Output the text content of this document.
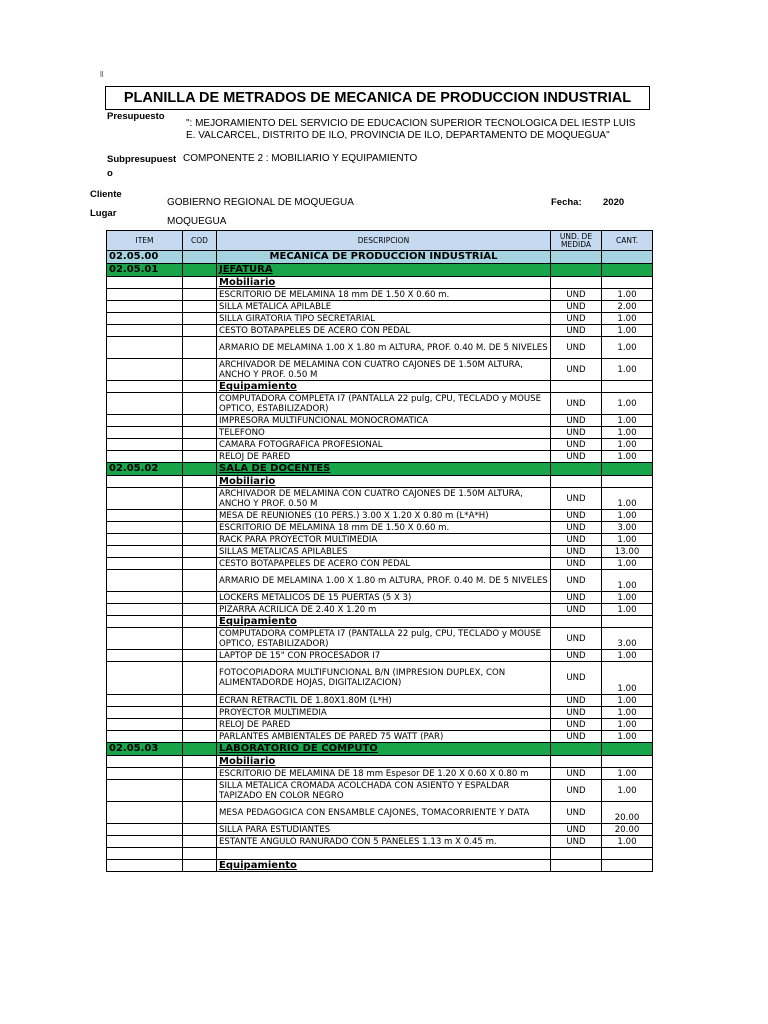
ll
PLANILLA DE METRADOS DE MECANICA DE PRODUCCION INDUSTRIAL
Presupuesto
": MEJORAMIENTO DEL SERVICIO DE EDUCACION SUPERIOR TECNOLOGICA DEL IESTP LUIS
E. VALCARCEL, DISTRITO DE ILO, PROVINCIA DE ILO, DEPARTAMENTO DE MOQUEGUA"
Subpresupuest
o
COMPONENTE 2 : MOBILIARIO Y EQUIPAMIENTO
Cliente
GOBIERNO REGIONAL DE MOQUEGUA	Fecha: 2020
Lugar
MOQUEGUA
ITEM	COD	DESCRIPCION	UND. DE MEDIDA	CANT.
02.05.00		MECANICA DE PRODUCCION INDUSTRIAL		
02.05.01		JEFATURA		
		Mobiliario		
		ESCRITORIO DE MELAMINA 18 mm DE 1.50 X 0.60 m.	UND	1.00
		SILLA METALICA APILABLE	UND	2.00
		SILLA GIRATORIA TIPO SECRETARIAL	UND	1.00
		CESTO BOTAPAPELES DE ACERO CON PEDAL	UND	1.00
		ARMARIO DE MELAMINA 1.00 X 1.80 m ALTURA, PROF. 0.40 M. DE 5 NIVELES	UND	1.00
		ARCHIVADOR DE MELAMINA CON CUATRO CAJONES DE 1.50M ALTURA, ANCHO Y PROF. 0.50 M	UND	1.00
		Equipamiento		
		COMPUTADORA COMPLETA I7 (PANTALLA 22 pulg, CPU, TECLADO y MOUSE OPTICO, ESTABILIZADOR)	UND	1.00
		IMPRESORA MULTIFUNCIONAL MONOCROMATICA	UND	1.00
		TELEFONO	UND	1.00
		CAMARA FOTOGRAFICA PROFESIONAL	UND	1.00
		RELOJ DE PARED	UND	1.00
02.05.02		SALA DE DOCENTES		
		Mobiliario		
		ARCHIVADOR DE MELAMINA CON CUATRO CAJONES DE 1.50M ALTURA, ANCHO Y PROF. 0.50 M	UND	1.00
		MESA DE REUNIONES (10 PERS.) 3.00 X 1.20 X 0.80 m (L*A*H)	UND	1.00
		ESCRITORIO DE MELAMINA 18 mm DE 1.50 X 0.60 m.	UND	3.00
		RACK PARA PROYECTOR MULTIMEDIA	UND	1.00
		SILLAS METALICAS APILABLES	UND	13.00
		CESTO BOTAPAPELES DE ACERO CON PEDAL	UND	1.00
		ARMARIO DE MELAMINA 1.00 X 1.80 m ALTURA, PROF. 0.40 M. DE 5 NIVELES	UND	1.00
		LOCKERS METALICOS DE 15 PUERTAS (5 X 3)	UND	1.00
		PIZARRA ACRILICA DE 2.40 X 1.20 m	UND	1.00
		Equipamiento		
		COMPUTADORA COMPLETA I7 (PANTALLA 22 pulg, CPU, TECLADO y MOUSE OPTICO, ESTABILIZADOR)	UND	3.00
		LAPTOP DE 15" CON PROCESADOR I7	UND	1.00
		FOTOCOPIADORA MULTIFUNCIONAL B/N (IMPRESION DUPLEX, CON ALIMENTADORDE HOJAS, DIGITALIZACION)	UND	1.00
		ECRAN RETRACTIL DE 1.80X1.80M (L*H)	UND	1.00
		PROYECTOR MULTIMEDIA	UND	1.00
		RELOJ DE PARED	UND	1.00
		PARLANTES AMBIENTALES DE PARED 75 WATT (PAR)	UND	1.00
02.05.03		LABORATORIO DE COMPUTO		
		Mobiliario		
		ESCRITORIO DE MELAMINA DE 18 mm Espesor DE 1.20 X 0.60 X 0.80 m	UND	1.00
		SILLA METALICA CROMADA ACOLCHADA CON ASIENTO Y ESPALDAR TAPIZADO EN COLOR NEGRO	UND	1.00
		MESA PEDAGOGICA CON ENSAMBLE CAJONES, TOMACORRIENTE Y DATA	UND	20.00
		SILLA PARA ESTUDIANTES	UND	20.00
		ESTANTE ANGULO RANURADO CON 5 PANELES 1.13 m X 0.45 m.	UND	1.00

		Equipamiento		
